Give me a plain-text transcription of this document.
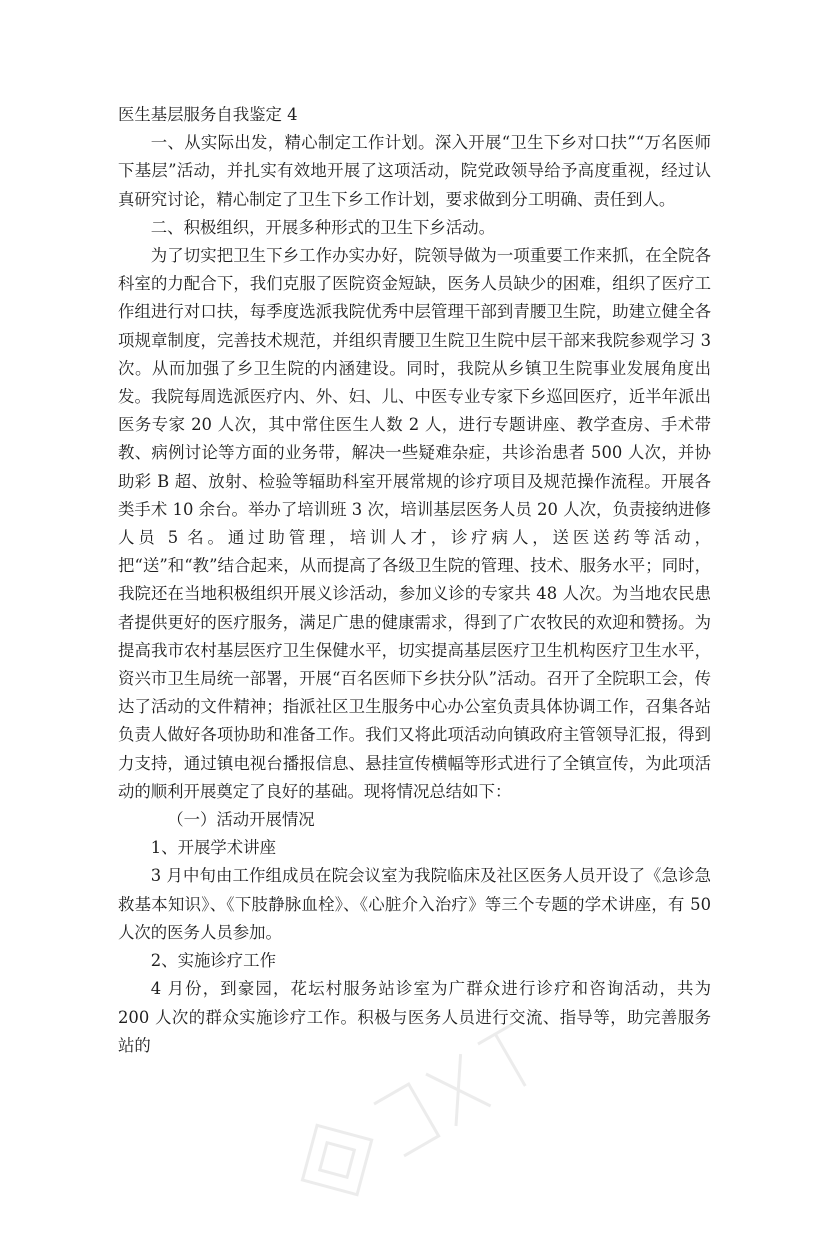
医生基层服务自我鉴定 4

一、从实际出发，精心制定工作计划。深入开展“卫生下乡对口扶”“万名医师下基层”活动，并扎实有效地开展了这项活动，院党政领导给予高度重视，经过认真研究讨论，精心制定了卫生下乡工作计划，要求做到分工明确、责任到人。

二、积极组织，开展多种形式的卫生下乡活动。

为了切实把卫生下乡工作办实办好，院领导做为一项重要工作来抓，在全院各科室的力配合下，我们克服了医院资金短缺，医务人员缺少的困难，组织了医疗工作组进行对口扶，每季度选派我院优秀中层管理干部到青腰卫生院，助建立健全各项规章制度，完善技术规范，并组织青腰卫生院卫生院中层干部来我院参观学习 3 次。从而加强了乡卫生院的内涵建设。同时，我院从乡镇卫生院事业发展角度出发。我院每周选派医疗内、外、妇、儿、中医专业专家下乡巡回医疗，近半年派出医务专家 20 人次，其中常住医生人数 2 人，进行专题讲座、教学查房、手术带教、病例讨论等方面的业务带，解决一些疑难杂症，共诊治患者 500 人次，并协助彩 B 超、放射、检验等辐助科室开展常规的诊疗项目及规范操作流程。开展各类手术 10 余台。举办了培训班 3 次，培训基层医务人员 20 人次，负责接纳进修人员 5 名。通过助管理，培训人才，诊疗病人，送医送药等活动，把“送”和“教”结合起来，从而提高了各级卫生院的管理、技术、服务水平；同时，我院还在当地积极组织开展义诊活动，参加义诊的专家共 48 人次。为当地农民患者提供更好的医疗服务，满足广患的健康需求，得到了广农牧民的欢迎和赞扬。为提高我市农村基层医疗卫生保健水平，切实提高基层医疗卫生机构医疗卫生水平，资兴市卫生局统一部署，开展“百名医师下乡扶分队”活动。召开了全院职工会，传达了活动的文件精神；指派社区卫生服务中心办公室负责具体协调工作，召集各站负责人做好各项协助和准备工作。我们又将此项活动向镇政府主管领导汇报，得到力支持，通过镇电视台播报信息、悬挂宣传横幅等形式进行了全镇宣传，为此项活动的顺利开展奠定了良好的基础。现将情况总结如下：

（一）活动开展情况

1、开展学术讲座

3 月中旬由工作组成员在院会议室为我院临床及社区医务人员开设了《急诊急救基本知识》、《下肢静脉血栓》、《心脏介入治疗》等三个专题的学术讲座，有 50 人次的医务人员参加。

2、实施诊疗工作

4 月份，到豪园，花坛村服务站诊室为广群众进行诊疗和咨询活动，共为 200 人次的群众实施诊疗工作。积极与医务人员进行交流、指导等，助完善服务站的
